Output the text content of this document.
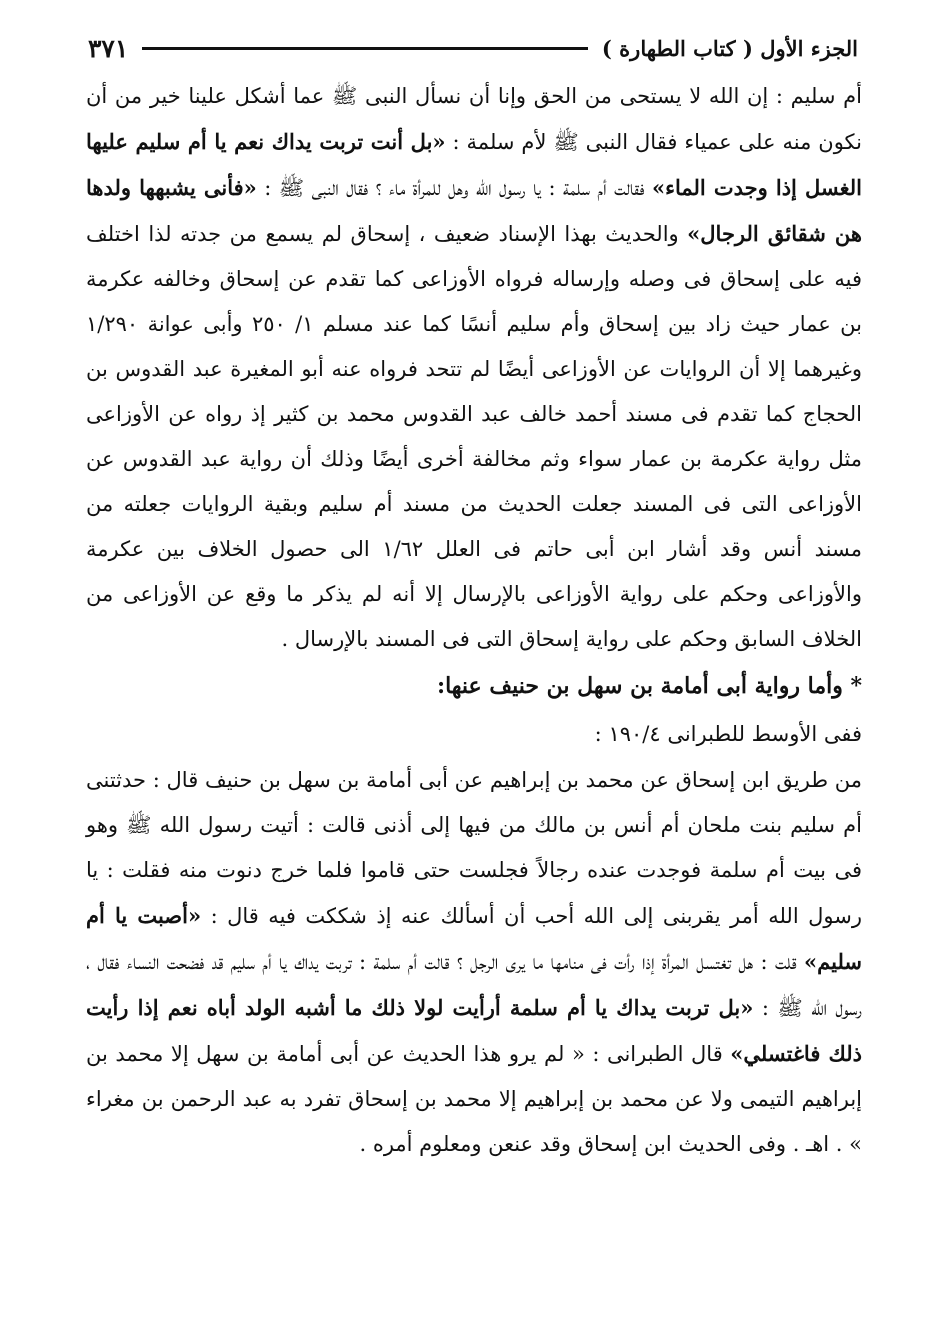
الجزء الأول ( كتاب الطهارة )
٣٧١

أم سليم : إن الله لا يستحى من الحق وإنا أن نسأل النبى ﷺ عما أشكل علينا خير من أن نكون منه على عمياء فقال النبى ﷺ لأم سلمة : «بل أنت تربت يداك نعم يا أم سليم عليها الغسل إذا وجدت الماء» فقالت أم سلمة : يا رسول الله وهل للمرأة ماء ؟ فقال النبى ﷺ : «فأنى يشبهها ولدها هن شقائق الرجال» والحديث بهذا الإسناد ضعيف ، إسحاق لم يسمع من جدته لذا اختلف فيه على إسحاق فى وصله وإرساله فرواه الأوزاعى كما تقدم عن إسحاق وخالفه عكرمة بن عمار حيث زاد بين إسحاق وأم سليم أنسًا كما عند مسلم ١/ ٢٥٠ وأبى عوانة ١/٢٩٠ وغيرهما إلا أن الروايات عن الأوزاعى أيضًا لم تتحد فرواه عنه أبو المغيرة عبد القدوس بن الحجاج كما تقدم فى مسند أحمد خالف عبد القدوس محمد بن كثير إذ رواه عن الأوزاعى مثل رواية عكرمة بن عمار سواء وثم مخالفة أخرى أيضًا وذلك أن رواية عبد القدوس عن الأوزاعى التى فى المسند جعلت الحديث من مسند أم سليم وبقية الروايات جعلته من مسند أنس وقد أشار ابن أبى حاتم فى العلل ١/٦٢ الى حصول الخلاف بين عكرمة والأوزاعى وحكم على رواية الأوزاعى بالإرسال إلا أنه لم يذكر ما وقع عن الأوزاعى من الخلاف السابق وحكم على رواية إسحاق التى فى المسند بالإرسال .

* وأما رواية أبى أمامة بن سهل بن حنيف عنها:

ففى الأوسط للطبرانى ١٩٠/٤ :

من طريق ابن إسحاق عن محمد بن إبراهيم عن أبى أمامة بن سهل بن حنيف قال : حدثتنى أم سليم بنت ملحان أم أنس بن مالك من فيها إلى أذنى قالت : أتيت رسول الله ﷺ وهو فى بيت أم سلمة فوجدت عنده رجالاً فجلست حتى قاموا فلما خرج دنوت منه فقلت : يا رسول الله أمر يقربنى إلى الله أحب أن أسألك عنه إذ شككت فيه قال : «أصبت يا أم سليم» قلت : هل تغتسل المرأة إذا رأت فى منامها ما يرى الرجل ؟ قالت أم سلمة : تربت يداك يا أم سليم قد فضحت النساء فقال ، رسول الله ﷺ : «بل تربت يداك يا أم سلمة أرأيت لولا ذلك ما أشبه الولد أباه نعم إذا رأيت ذلك فاغتسلي» قال الطبرانى : « لم يرو هذا الحديث عن أبى أمامة بن سهل إلا محمد بن إبراهيم التيمى ولا عن محمد بن إبراهيم إلا محمد بن إسحاق تفرد به عبد الرحمن بن مغراء » . اهـ . وفى الحديث ابن إسحاق وقد عنعن ومعلوم أمره .
